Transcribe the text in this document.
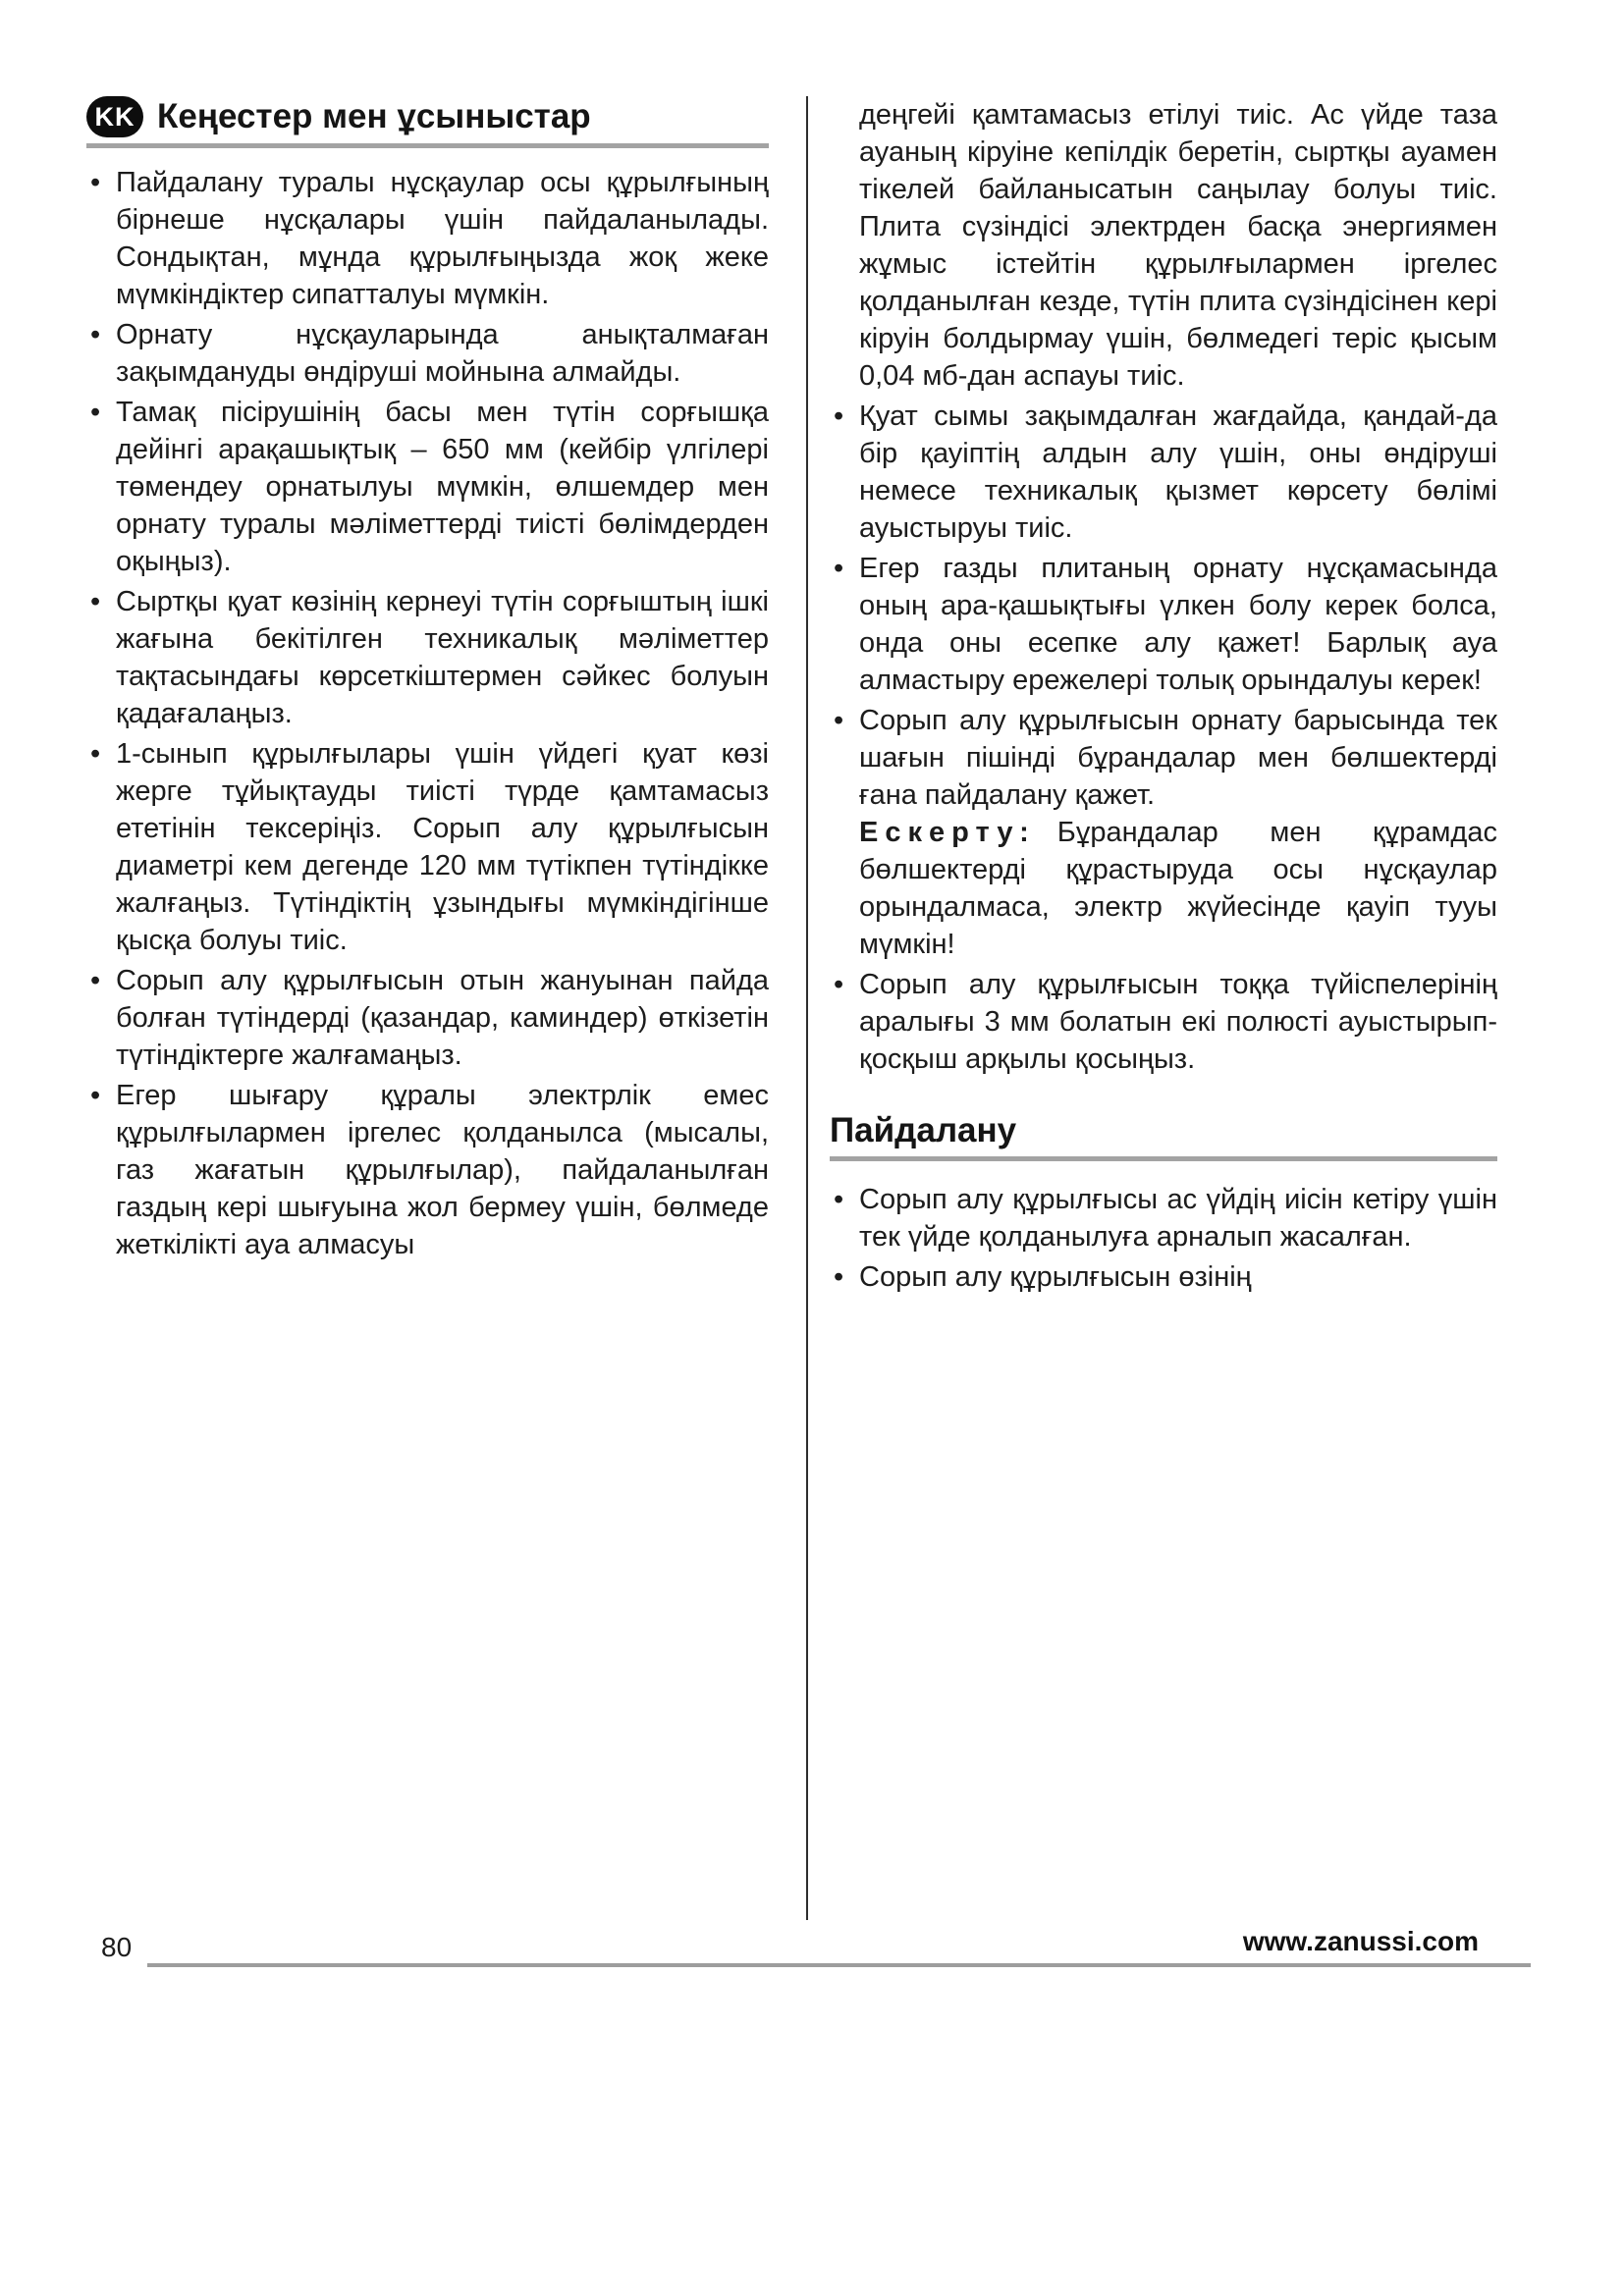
KK Кеңестер мен ұсыныстар
• Пайдалану туралы нұсқаулар осы құрылғының бірнеше нұсқалары үшін пайдаланылады. Сондықтан, мұнда құрылғыңызда жоқ жеке мүмкіндіктер сипатталуы мүмкін.
• Орнату нұсқауларында анықталмаған зақымдануды өндіруші мойнына алмайды.
• Тамақ пісірушінің басы мен түтін сорғышқа дейінгі арақашықтық – 650 мм (кейбір үлгілері төмендеу орнатылуы мүмкін, өлшемдер мен орнату туралы мәліметтерді тиісті бөлімдерден оқыңыз).
• Сыртқы қуат көзінің кернеуі түтін сорғыштың ішкі жағына бекітілген техникалық мәліметтер тақтасындағы көрсеткіштермен сәйкес болуын қадағалаңыз.
• 1-сынып құрылғылары үшін үйдегі қуат көзі жерге тұйықтауды тиісті түрде қамтамасыз ететінін тексеріңіз. Сорып алу құрылғысын диаметрі кем дегенде 120 мм түтікпен түтіндікке жалғаңыз. Түтіндіктің ұзындығы мүмкіндігінше қысқа болуы тиіс.
• Сорып алу құрылғысын отын жануынан пайда болған түтіндерді (қазандар, каминдер) өткізетін түтіндіктерге жалғамаңыз.
• Егер шығару құралы электрлік емес құрылғылармен іргелес қолданылса (мысалы, газ жағатын құрылғылар), пайдаланылған газдың кері шығуына жол бермеу үшін, бөлмеде жеткілікті ауа алмасуы

деңгейі қамтамасыз етілуі тиіс. Ас үйде таза ауаның кіруіне кепілдік беретін, сыртқы ауамен тікелей байланысатын саңылау болуы тиіс. Плита сүзіндісі электрден басқа энергиямен жұмыс істейтін құрылғылармен іргелес қолданылған кезде, түтін плита сүзіндісінен кері кіруін болдырмау үшін, бөлмедегі теріс қысым 0,04 мб-дан аспауы тиіс.

• Қуат сымы зақымдалған жағдайда, қандай-да бір қауіптің алдын алу үшін, оны өндіруші немесе техникалық қызмет көрсету бөлімі ауыстыруы тиіс.
• Егер газды плитаның орнату нұсқамасында оның ара-қашықтығы үлкен болу керек болса, онда оны есепке алу қажет! Барлық ауа алмастыру ережелері толық орындалуы керек!
• Сорып алу құрылғысын орнату барысында тек шағын пішінді бұрандалар мен бөлшектерді ғана пайдалану қажет.
Ескерту: Бұрандалар мен құрамдас бөлшектерді құрастыруда осы нұсқаулар орындалмаса, электр жүйесінде қауіп тууы мүмкін!
• Сорып алу құрылғысын тоққа түйіспелерінің аралығы 3 мм болатын екі полюсті ауыстырып-қосқыш арқылы қосыңыз.
Пайдалану
• Сорып алу құрылғысы ас үйдің иісін кетіру үшін тек үйде қолданылуға арналып жасалған.
• Сорып алу құрылғысын өзінің
80	www.zanussi.com
